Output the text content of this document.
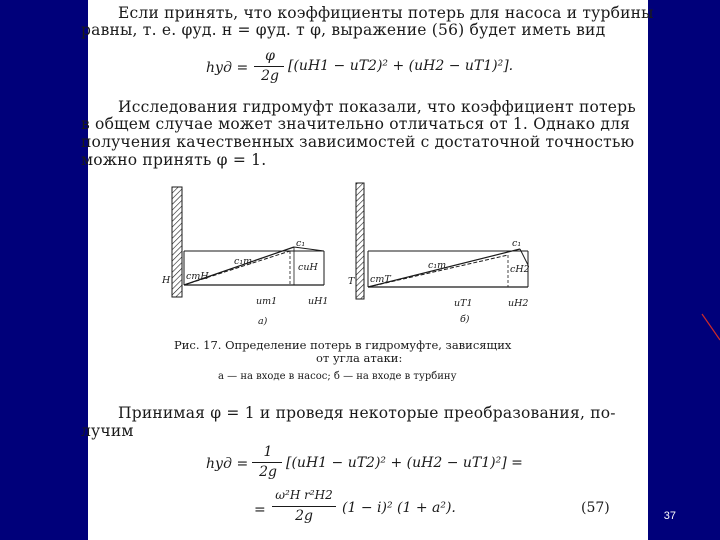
Если принять, что коэффициенты потерь для насоса и турбины
равны, т. е. φуд. н = φуд. т φ, выражение (56) будет иметь вид
hуд =
φ
2g
[(uН1 − uТ2)² + (uН2 − uТ1)²].
Исследования гидромуфт показали, что коэффициент потерь
в общем случае может значительно отличаться от 1. Однако для
получения качественных зависимостей с достаточной точностью
можно принять φ = 1.
Н cmН
c₁
c₁т
cuН
uт1	uН1
а)
Т cmТ
c₁
c₁т	cН2
uТ1	uН2
б)
Рис. 17. Определение потерь в гидромуфте, зависящих
от угла атаки:
а — на входе в насос; б — на входе в турбину
Принимая φ = 1 и проведя некоторые преобразования, по-
лучим
hуд =
1
2g
[(uН1 − uТ2)² + (uН2 − uТ1)²] =
=
ω²Н r²Н2
2g	(1 − i)² (1 + a²).	(57)	37
